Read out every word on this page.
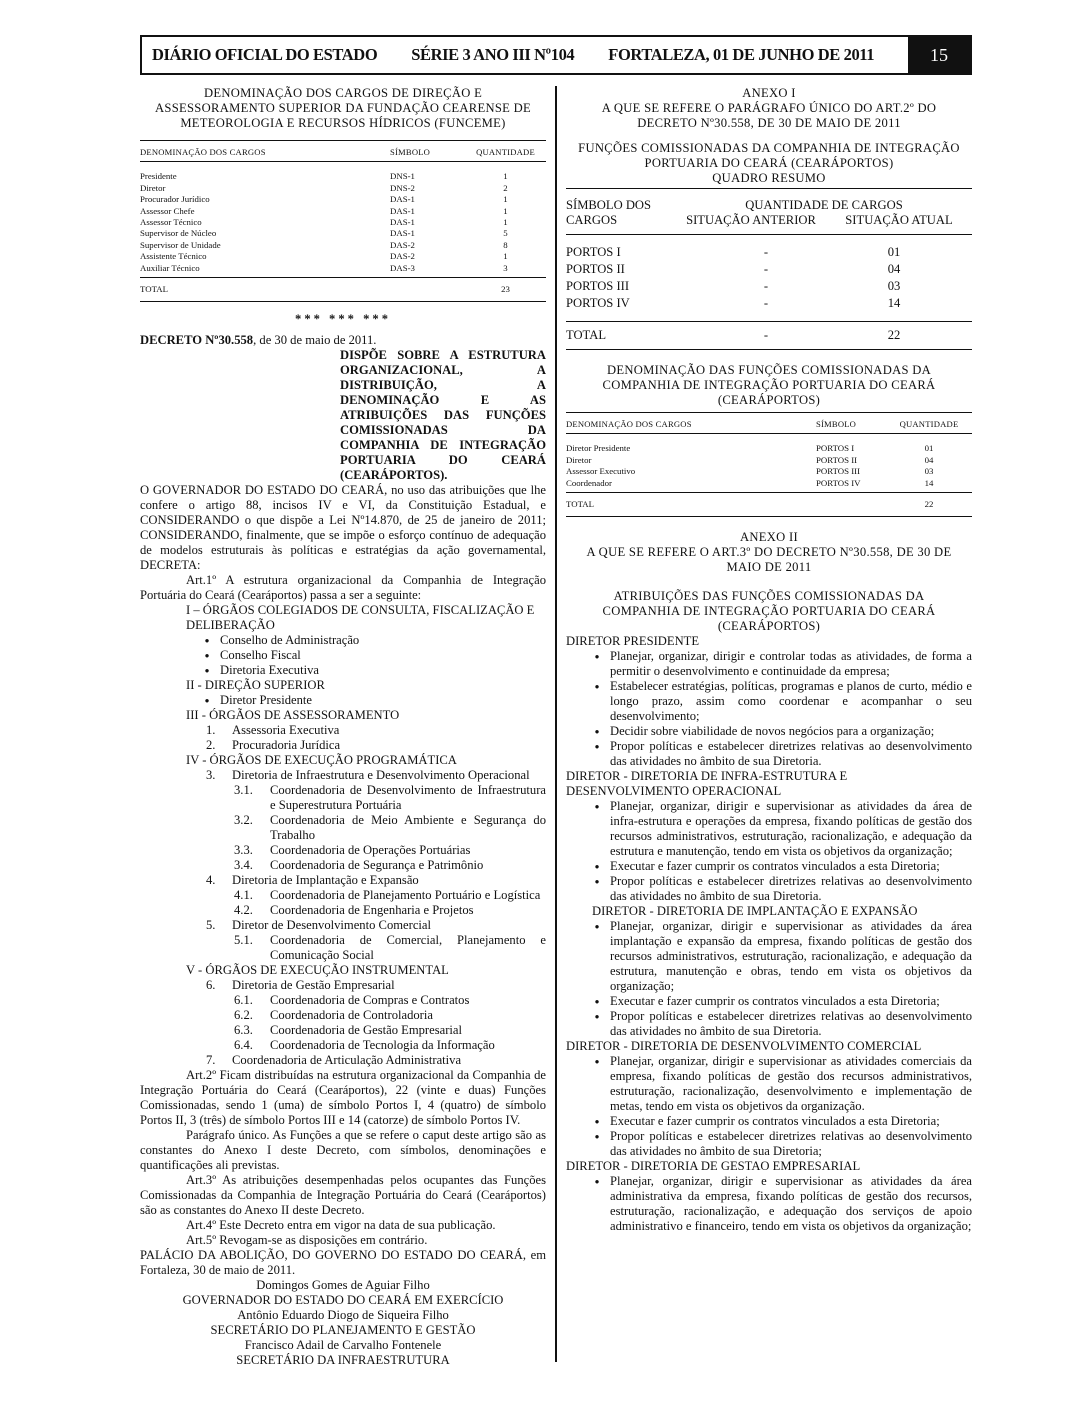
DIÁRIO OFICIAL DO ESTADO SÉRIE 3 ANO III Nº104 FORTALEZA, 01 DE JUNHO DE 2011	15
DENOMINAÇÃO DOS CARGOS DE DIREÇÃO E
ASSESSORAMENTO SUPERIOR DA FUNDAÇÃO CEARENSE DE
METEOROLOGIA E RECURSOS HÍDRICOS (FUNCEME)
DENOMINAÇÃO DOS CARGOS	SÍMBOLO	QUANTIDADE
Presidente	DNS-1	1
Diretor	DNS-2	2
Procurador Jurídico	DAS-1	1
Assessor Chefe	DAS-1	1
Assessor Técnico	DAS-1	1
Supervisor de Núcleo	DAS-1	5
Supervisor de Unidade	DAS-2	8
Assistente Técnico	DAS-2	1
Auxiliar Técnico	DAS-3	3
TOTAL		23
*** *** ***
DECRETO Nº30.558, de 30 de maio de 2011.
DISPÕE SOBRE A ESTRUTURA ORGANIZACIONAL, A DISTRIBUIÇÃO, A DENOMINAÇÃO E AS ATRIBUIÇÕES DAS FUNÇÕES COMISSIONADAS DA COMPANHIA DE INTEGRAÇÃO PORTUARIA DO CEARÁ (CEARÁPORTOS).
O GOVERNADOR DO ESTADO DO CEARÁ, no uso das atribuições que lhe confere o artigo 88, incisos IV e VI, da Constituição Estadual, e CONSIDERANDO o que dispõe a Lei Nº14.870, de 25 de janeiro de 2011; CONSIDERANDO, finalmente, que se impõe o esforço contínuo de adequação de modelos estruturais às políticas e estratégias da ação governamental, DECRETA:
Art.1º A estrutura organizacional da Companhia de Integração Portuária do Ceará (Cearáportos) passa a ser a seguinte:
I – ÓRGÃOS COLEGIADOS DE CONSULTA, FISCALIZAÇÃO E DELIBERAÇÃO
● Conselho de Administração
● Conselho Fiscal
● Diretoria Executiva
II - DIREÇÃO SUPERIOR
● Diretor Presidente
III - ÓRGÃOS DE ASSESSORAMENTO
1.	Assessoria Executiva
2.	Procuradoria Jurídica
IV - ÓRGÃOS DE EXECUÇÃO PROGRAMÁTICA
3.	Diretoria de Infraestrutura e Desenvolvimento Operacional
3.1.	Coordenadoria de Desenvolvimento de Infraestrutura e Superestrutura Portuária
3.2.	Coordenadoria de Meio Ambiente e Segurança do Trabalho
3.3.	Coordenadoria de Operações Portuárias
3.4.	Coordenadoria de Segurança e Patrimônio
4.	Diretoria de Implantação e Expansão
4.1.	Coordenadoria de Planejamento Portuário e Logística
4.2.	Coordenadoria de Engenharia e Projetos
5.	Diretor de Desenvolvimento Comercial
5.1.	Coordenadoria de Comercial, Planejamento e Comunicação Social
V - ÓRGÃOS DE EXECUÇÃO INSTRUMENTAL
6.	Diretoria de Gestão Empresarial
6.1.	Coordenadoria de Compras e Contratos
6.2.	Coordenadoria de Controladoria
6.3.	Coordenadoria de Gestão Empresarial
6.4.	Coordenadoria de Tecnologia da Informação
7.	Coordenadoria de Articulação Administrativa
Art.2º Ficam distribuídas na estrutura organizacional da Companhia de Integração Portuária do Ceará (Cearáportos), 22 (vinte e duas) Funções Comissionadas, sendo 1 (uma) de símbolo Portos I, 4 (quatro) de símbolo Portos II, 3 (três) de símbolo Portos III e 14 (catorze) de símbolo Portos IV.
Parágrafo único. As Funções a que se refere o caput deste artigo são as constantes do Anexo I deste Decreto, com símbolos, denominações e quantificações ali previstas.
Art.3º As atribuições desempenhadas pelos ocupantes das Funções Comissionadas da Companhia de Integração Portuária do Ceará (Cearáportos) são as constantes do Anexo II deste Decreto.
Art.4º Este Decreto entra em vigor na data de sua publicação.
Art.5º Revogam-se as disposições em contrário.
PALÁCIO DA ABOLIÇÃO, DO GOVERNO DO ESTADO DO CEARÁ, em Fortaleza, 30 de maio de 2011.
Domingos Gomes de Aguiar Filho
GOVERNADOR DO ESTADO DO CEARÁ EM EXERCÍCIO
Antônio Eduardo Diogo de Siqueira Filho
SECRETÁRIO DO PLANEJAMENTO E GESTÃO
Francisco Adail de Carvalho Fontenele
SECRETÁRIO DA INFRAESTRUTURA
ANEXO I
A QUE SE REFERE O PARÁGRAFO ÚNICO DO ART.2º DO
DECRETO Nº30.558, DE 30 DE MAIO DE 2011
FUNÇÕES COMISSIONADAS DA COMPANHIA DE INTEGRAÇÃO
PORTUARIA DO CEARÁ (CEARÁPORTOS)
QUADRO RESUMO
SÍMBOLO DOS
CARGOS

QUANTIDADE DE CARGOS
SITUAÇÃO ANTERIOR	SITUAÇÃO ATUAL
PORTOS I	-	01
PORTOS II	-	04
PORTOS III	-	03
PORTOS IV	-	14
TOTAL	-	22
DENOMINAÇÃO DAS FUNÇÕES COMISSIONADAS DA
COMPANHIA DE INTEGRAÇÃO PORTUARIA DO CEARÁ
(CEARÁPORTOS)
DENOMINAÇÃO DOS CARGOS	SÍMBOLO	QUANTIDADE
Diretor Presidente	PORTOS I	01
Diretor	PORTOS II	04
Assessor Executivo	PORTOS III	03
Coordenador	PORTOS IV	14
TOTAL		22
ANEXO II
A QUE SE REFERE O ART.3º DO DECRETO Nº30.558, DE 30 DE
MAIO DE 2011
ATRIBUIÇÕES DAS FUNÇÕES COMISSIONADAS DA
COMPANHIA DE INTEGRAÇÃO PORTUARIA DO CEARÁ
(CEARÁPORTOS)
DIRETOR PRESIDENTE
● Planejar, organizar, dirigir e controlar todas as atividades, de forma a permitir o desenvolvimento e continuidade da empresa;
● Estabelecer estratégias, políticas, programas e planos de curto, médio e longo prazo, assim como coordenar e acompanhar o seu desenvolvimento;
● Decidir sobre viabilidade de novos negócios para a organização;
● Propor políticas e estabelecer diretrizes relativas ao desenvolvimento das atividades no âmbito de sua Diretoria.
DIRETOR - DIRETORIA DE INFRA-ESTRUTURA E DESENVOLVIMENTO OPERACIONAL
● Planejar, organizar, dirigir e supervisionar as atividades da área de infra-estrutura e operações da empresa, fixando políticas de gestão dos recursos administrativos, estruturação, racionalização, e adequação da estrutura e manutenção, tendo em vista os objetivos da organização;
● Executar e fazer cumprir os contratos vinculados a esta Diretoria;
● Propor políticas e estabelecer diretrizes relativas ao desenvolvimento das atividades no âmbito de sua Diretoria.
DIRETOR - DIRETORIA DE IMPLANTAÇÃO E EXPANSÃO
● Planejar, organizar, dirigir e supervisionar as atividades da área implantação e expansão da empresa, fixando políticas de gestão dos recursos administrativos, estruturação, racionalização, e adequação da estrutura, manutenção e obras, tendo em vista os objetivos da organização;
● Executar e fazer cumprir os contratos vinculados a esta Diretoria;
● Propor políticas e estabelecer diretrizes relativas ao desenvolvimento das atividades no âmbito de sua Diretoria.
DIRETOR - DIRETORIA DE DESENVOLVIMENTO COMERCIAL
● Planejar, organizar, dirigir e supervisionar as atividades comerciais da empresa, fixando políticas de gestão dos recursos administrativos, estruturação, racionalização, desenvolvimento e implementação de metas, tendo em vista os objetivos da organização.
● Executar e fazer cumprir os contratos vinculados a esta Diretoria;
● Propor políticas e estabelecer diretrizes relativas ao desenvolvimento das atividades no âmbito de sua Diretoria;
DIRETOR - DIRETORIA DE GESTAO EMPRESARIAL
● Planejar, organizar, dirigir e supervisionar as atividades da área administrativa da empresa, fixando políticas de gestão dos recursos, estruturação, racionalização, e adequação dos serviços de apoio administrativo e financeiro, tendo em vista os objetivos da organização;
